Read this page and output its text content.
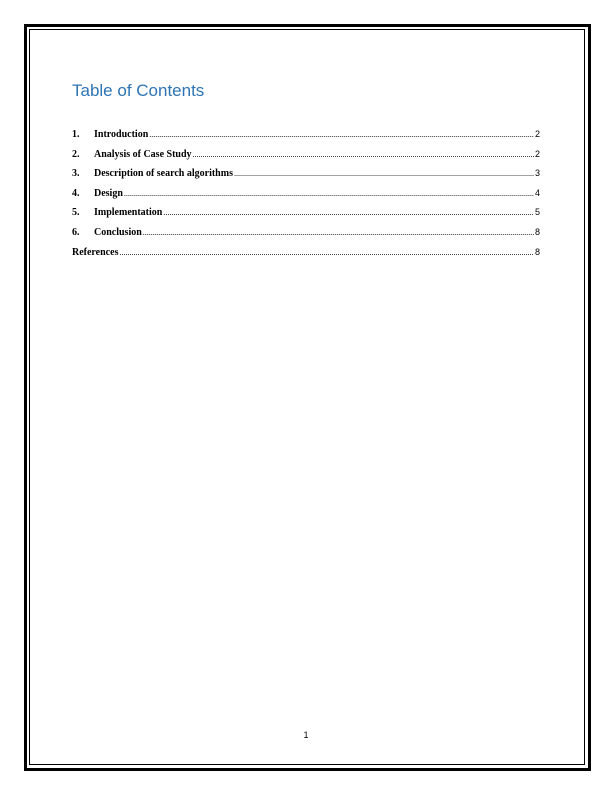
Table of Contents
1.	Introduction .....	2
2.	Analysis of Case Study .....	2
3.	Description of search algorithms .....	3
4.	Design .....	4
5.	Implementation .....	5
6.	Conclusion .....	8
References .....	8
1
